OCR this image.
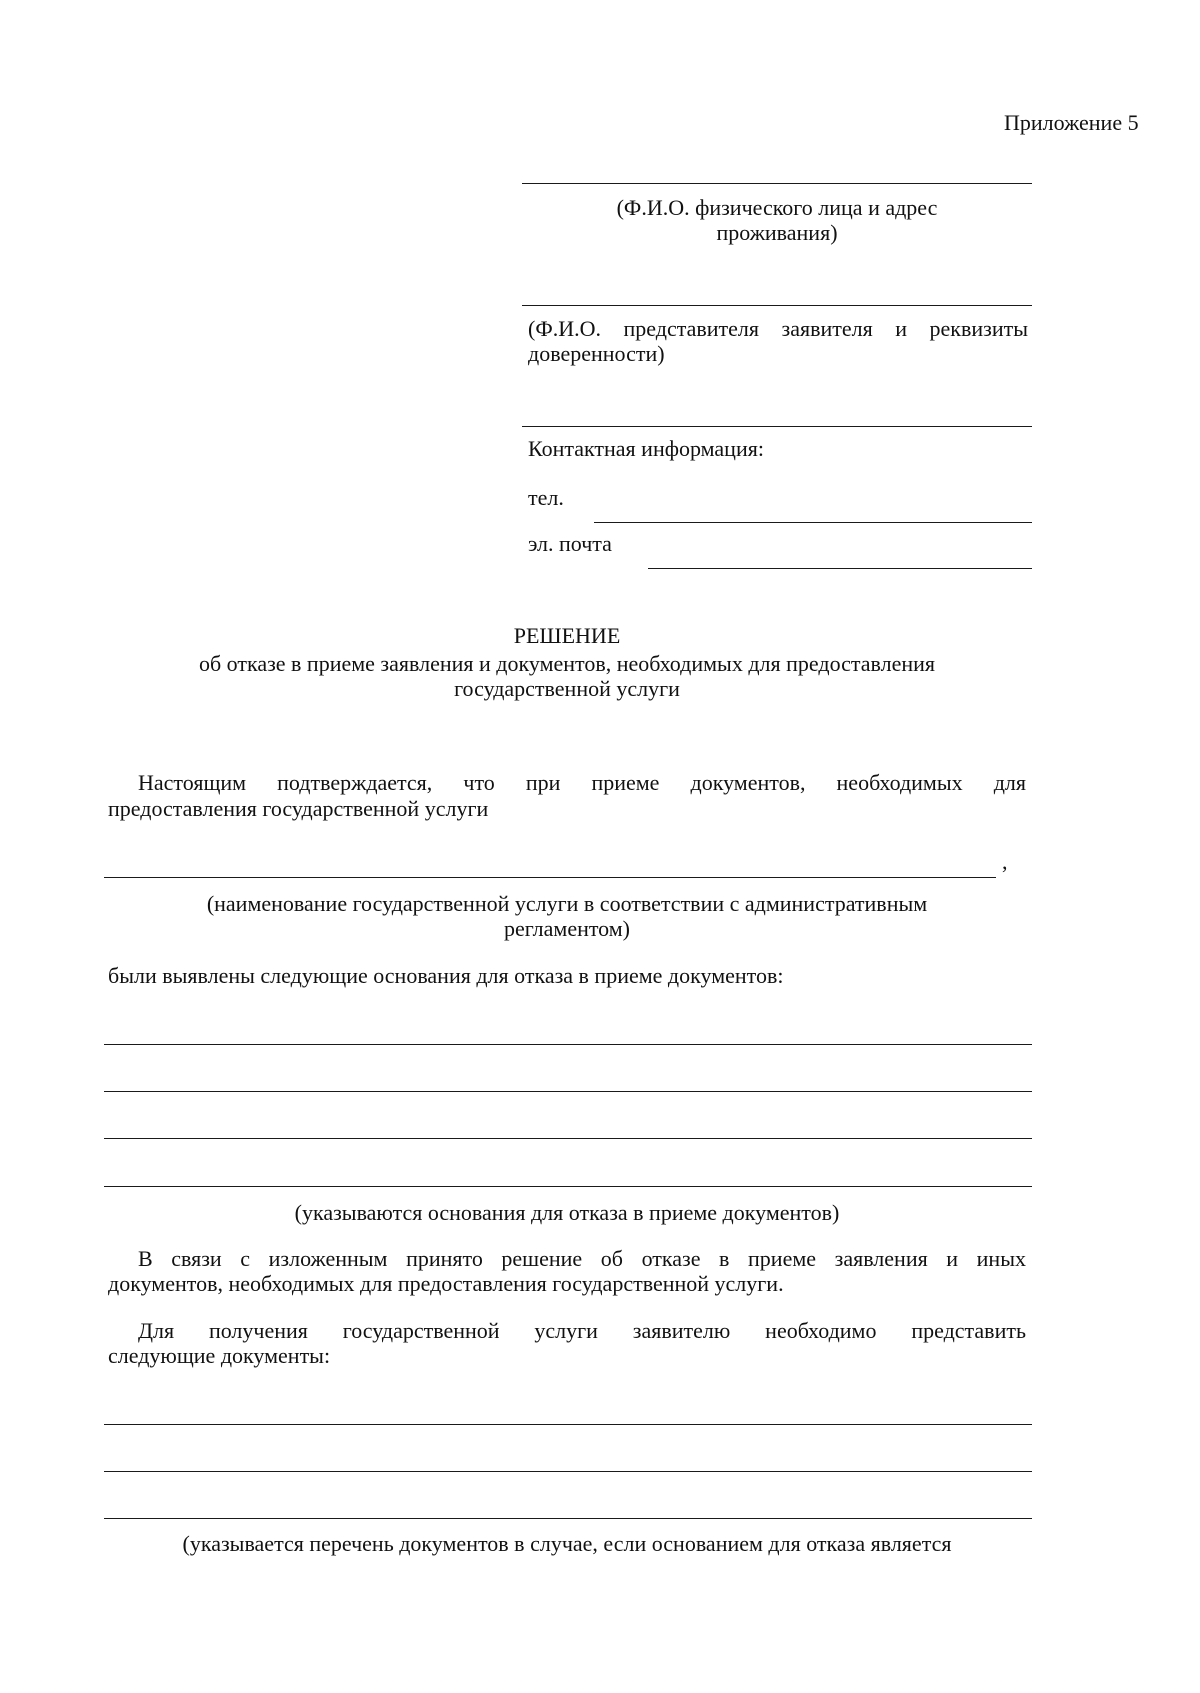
Приложение 5
(Ф.И.О. физического лица и адрес
проживания)
(Ф.И.О. представителя заявителя и реквизиты
доверенности)
Контактная информация:
тел.
эл. почта
РЕШЕНИЕ
об отказе в приеме заявления и документов, необходимых для предоставления
государственной услуги
Настоящим подтверждается, что при приеме документов, необходимых для
предоставления государственной услуги
,
(наименование государственной услуги в соответствии с административным
регламентом)
были выявлены следующие основания для отказа в приеме документов:
(указываются основания для отказа в приеме документов)
В связи с изложенным принято решение об отказе в приеме заявления и иных
документов, необходимых для предоставления государственной услуги.
Для получения государственной услуги заявителю необходимо представить
следующие документы:
(указывается перечень документов в случае, если основанием для отказа является
